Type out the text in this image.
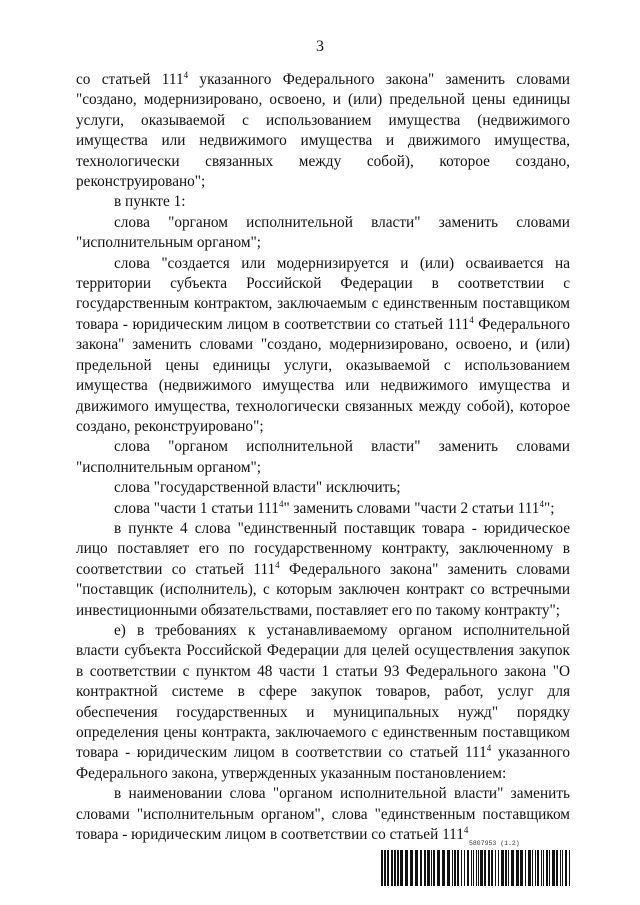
3

со статьей $111^4$ указанного Федерального закона" заменить словами "создано, модернизировано, освоено, и (или) предельной цены единицы услуги, оказываемой с использованием имущества (недвижимого имущества или недвижимого имущества и движимого имущества, технологически связанных между собой), которое создано, реконструировано";

в пункте 1:

слова "органом исполнительной власти" заменить словами "исполнительным органом";

слова "создается или модернизируется и (или) осваивается на территории субъекта Российской Федерации в соответствии с государственным контрактом, заключаемым с единственным поставщиком товара - юридическим лицом в соответствии со статьей $111^4$ Федерального закона" заменить словами "создано, модернизировано, освоено, и (или) предельной цены единицы услуги, оказываемой с использованием имущества (недвижимого имущества или недвижимого имущества и движимого имущества, технологически связанных между собой), которое создано, реконструировано";

слова "органом исполнительной власти" заменить словами "исполнительным органом";

слова "государственной власти" исключить;

слова "части 1 статьи $111^4$" заменить словами "части 2 статьи $111^4$";

в пункте 4 слова "единственный поставщик товара - юридическое лицо поставляет его по государственному контракту, заключенному в соответствии со статьей $111^4$ Федерального закона" заменить словами "поставщик (исполнитель), с которым заключен контракт со встречными инвестиционными обязательствами, поставляет его по такому контракту";

е) в требованиях к устанавливаемому органом исполнительной власти субъекта Российской Федерации для целей осуществления закупок в соответствии с пунктом 48 части 1 статьи 93 Федерального закона "О контрактной системе в сфере закупок товаров, работ, услуг для обеспечения государственных и муниципальных нужд" порядку определения цены контракта, заключаемого с единственным поставщиком товара - юридическим лицом в соответствии со статьей $111^4$ указанного Федерального закона, утвержденных указанным постановлением:

в наименовании слова "органом исполнительной власти" заменить словами "исполнительным органом", слова "единственным поставщиком товара - юридическим лицом в соответствии со статьей $111^4$

5807953 (1.2)
